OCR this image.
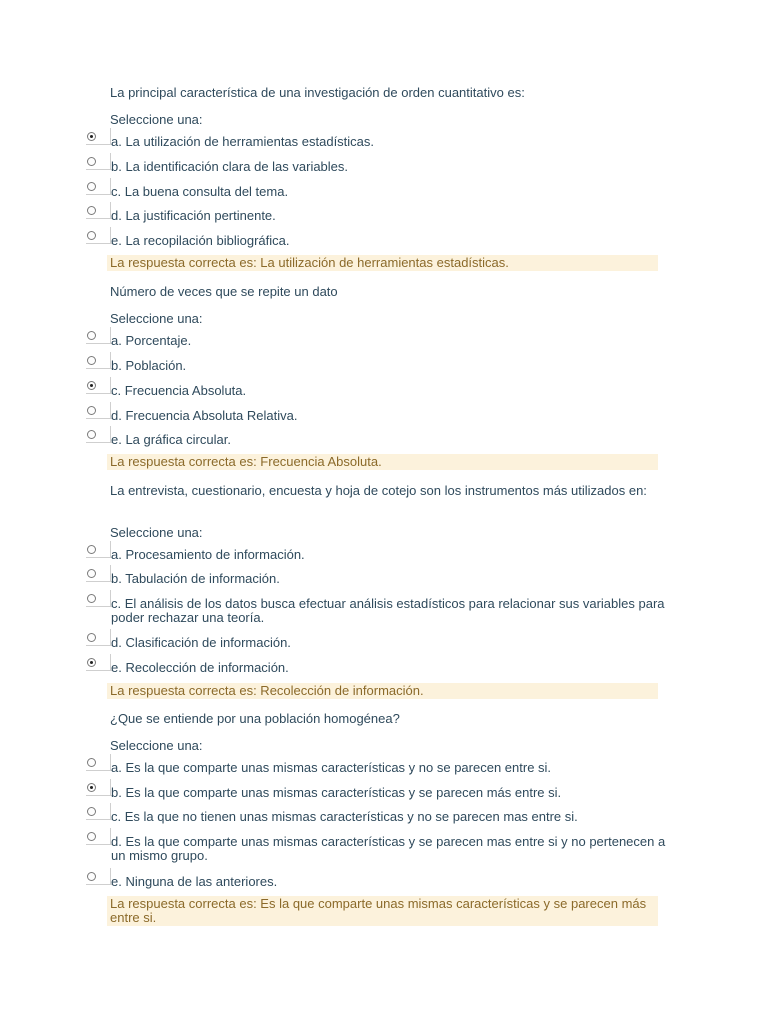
La principal característica de una investigación de orden cuantitativo es:
Seleccione una:
a. La utilización de herramientas estadísticas.
b. La identificación clara de las variables.
c. La buena consulta del tema.
d. La justificación pertinente.
e. La recopilación bibliográfica.
La respuesta correcta es: La utilización de herramientas estadísticas.
Número de veces que se repite un dato
Seleccione una:
a. Porcentaje.
b. Población.
c. Frecuencia Absoluta.
d. Frecuencia Absoluta Relativa.
e. La gráfica circular.
La respuesta correcta es: Frecuencia Absoluta.
La entrevista, cuestionario, encuesta y hoja de cotejo son los instrumentos más utilizados en:
Seleccione una:
a. Procesamiento de información.
b. Tabulación de información.
c. El análisis de los datos busca efectuar análisis estadísticos para relacionar sus variables para poder rechazar una teoría.
d. Clasificación de información.
e. Recolección de información.
La respuesta correcta es: Recolección de información.
¿Que se entiende por una población homogénea?
Seleccione una:
a. Es la que comparte unas mismas características y no se parecen entre si.
b. Es la que comparte unas mismas características y se parecen más entre si.
c. Es la que no tienen unas mismas características y no se parecen mas entre si.
d. Es la que comparte unas mismas características y se parecen mas entre si y no pertenecen a un mismo grupo.
e. Ninguna de las anteriores.
La respuesta correcta es: Es la que comparte unas mismas características y se parecen más entre si.
